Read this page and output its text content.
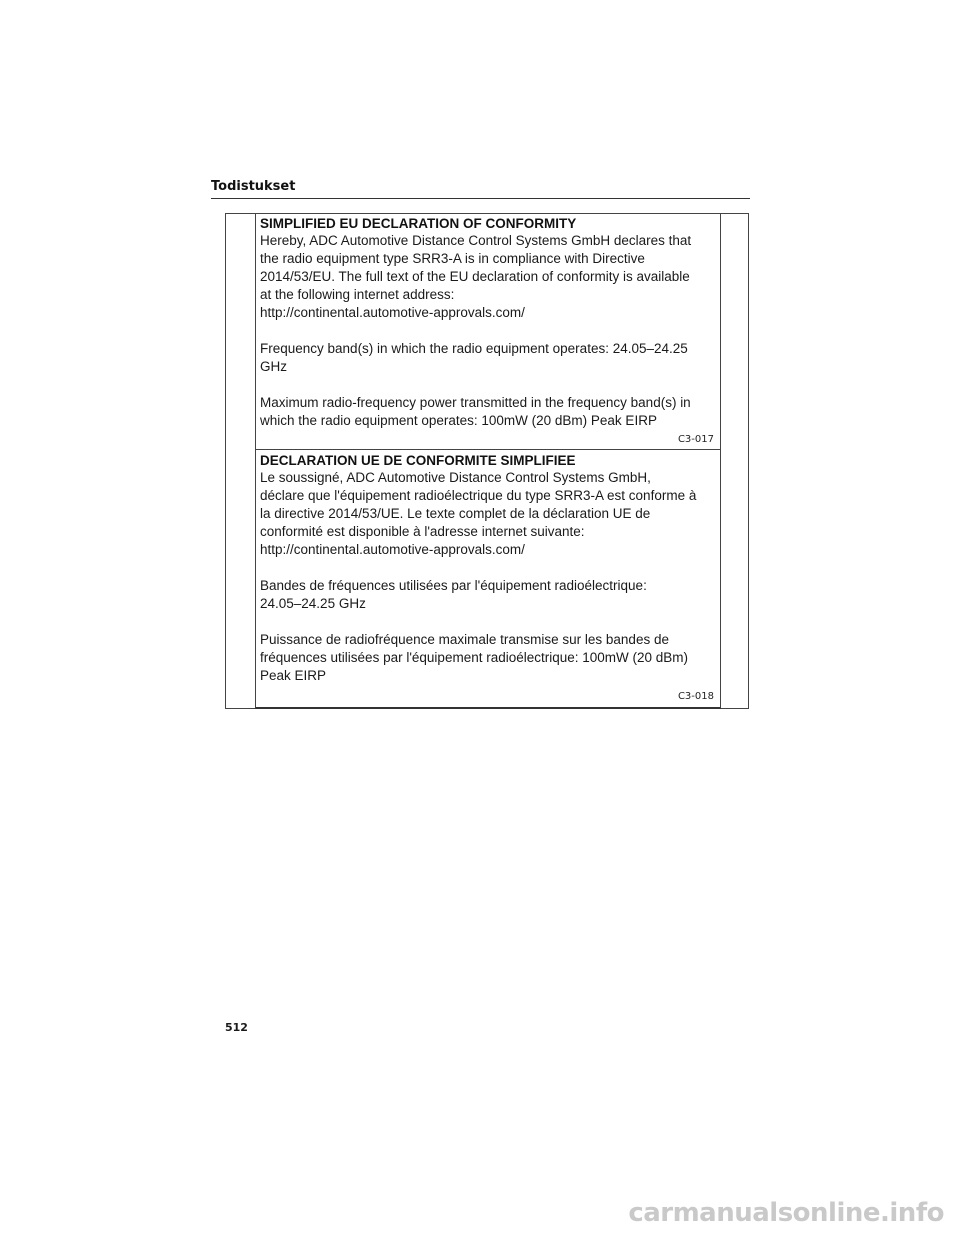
Todistukset
SIMPLIFIED EU DECLARATION OF CONFORMITY

Hereby, ADC Automotive Distance Control Systems GmbH declares that

the radio equipment type SRR3-A is in compliance with Directive

2014/53/EU. The full text of the EU declaration of conformity is available

at the following internet address:

http://continental.automotive-approvals.com/

Frequency band(s) in which the radio equipment operates: 24.05–24.25

GHz

Maximum radio-frequency power transmitted in the frequency band(s) in

which the radio equipment operates: 100mW (20 dBm) Peak EIRP

C3-017
DECLARATION UE DE CONFORMITE SIMPLIFIEE

Le soussigné, ADC Automotive Distance Control Systems GmbH,

déclare que l'équipement radioélectrique du type SRR3-A est conforme à

la directive 2014/53/UE. Le texte complet de la déclaration UE de

conformité est disponible à l'adresse internet suivante:

http://continental.automotive-approvals.com/

Bandes de fréquences utilisées par l'équipement radioélectrique:

24.05–24.25 GHz

Puissance de radiofréquence maximale transmise sur les bandes de

fréquences utilisées par l'équipement radioélectrique: 100mW (20 dBm)

Peak EIRP

C3-018
512
carmanualsonline.info
